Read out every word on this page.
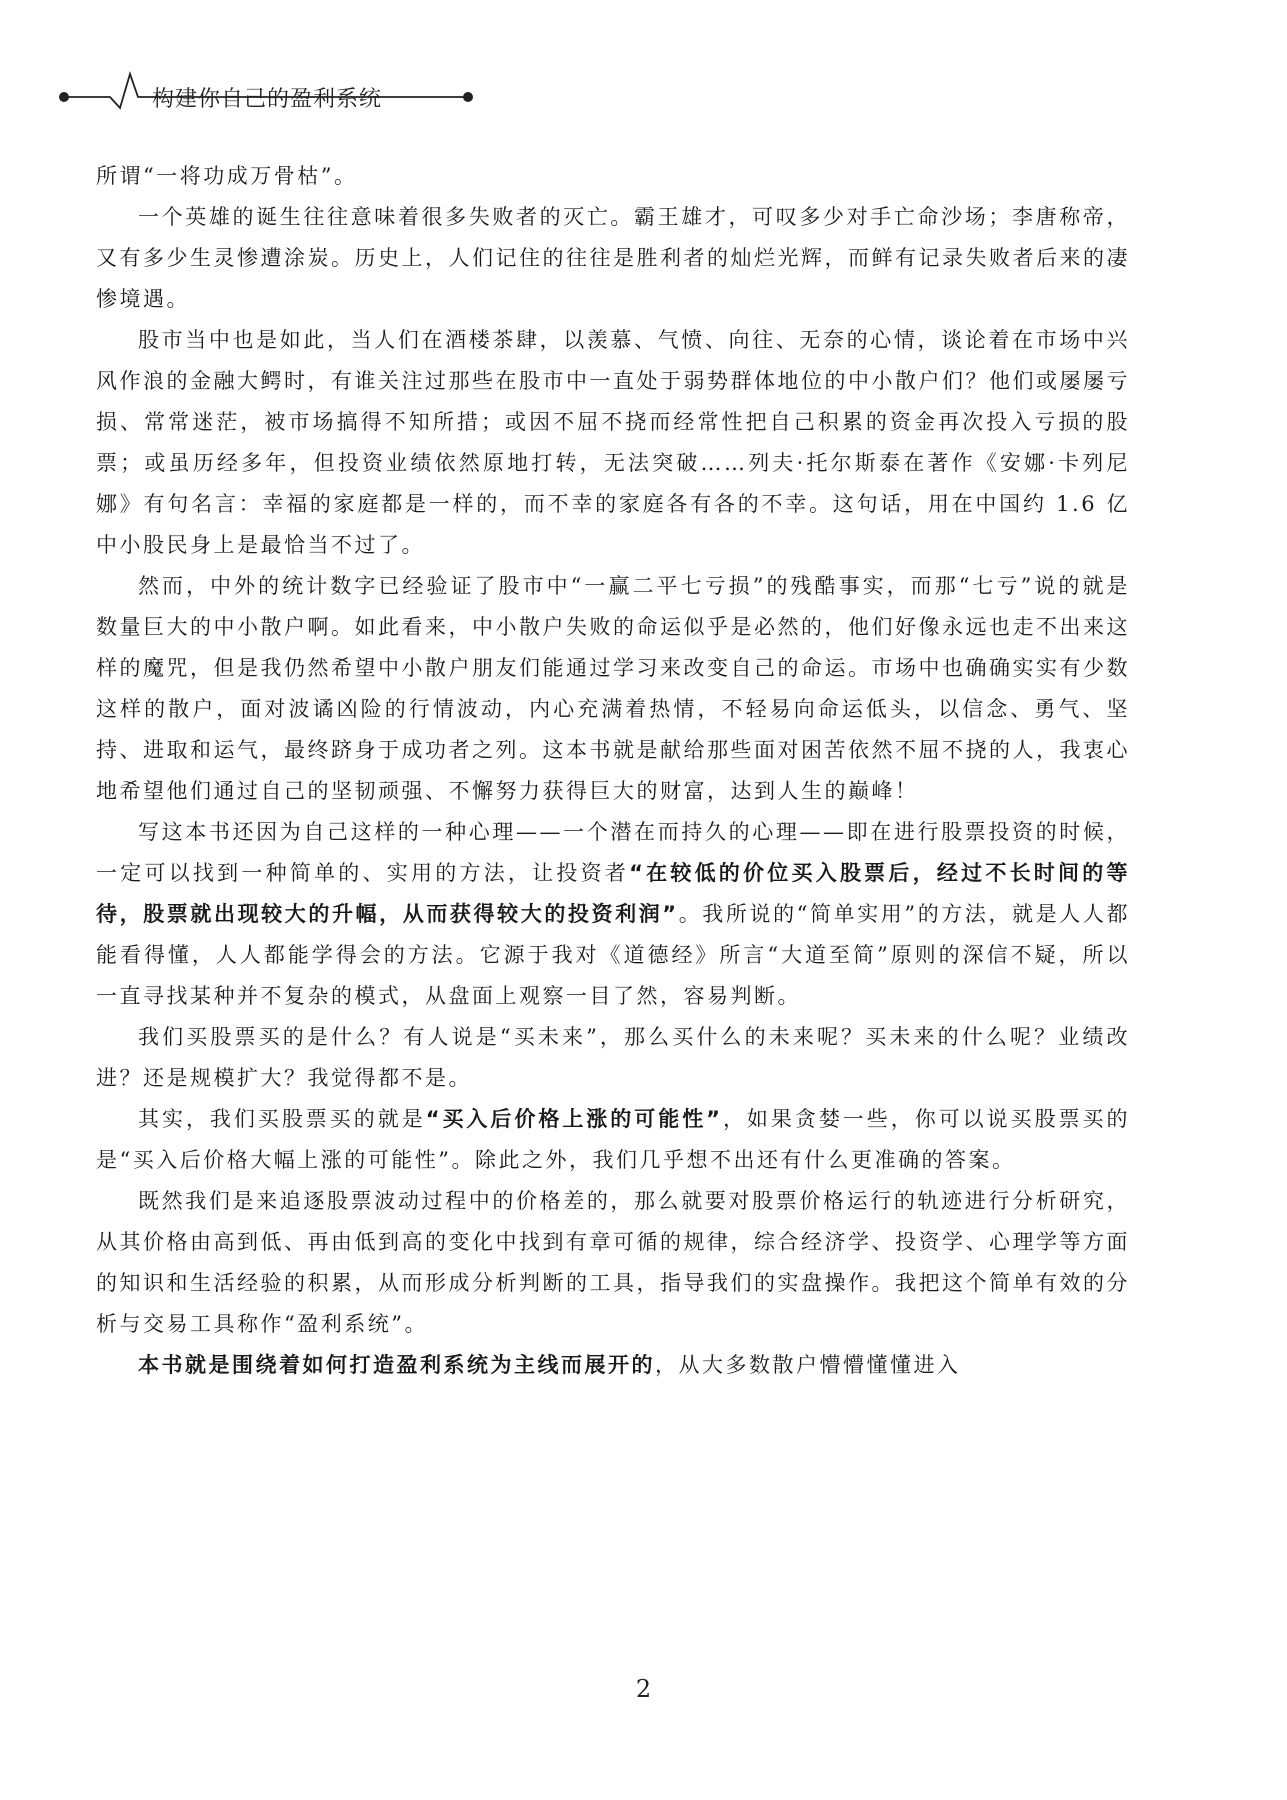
构建你自己的盈利系统

所谓“一将功成万骨枯”。

一个英雄的诞生往往意味着很多失败者的灭亡。霸王雄才，可叹多少对手亡命沙场；李唐称帝，又有多少生灵惨遭涂炭。历史上，人们记住的往往是胜利者的灿烂光辉，而鲜有记录失败者后来的凄惨境遇。

股市当中也是如此，当人们在酒楼茶肆，以羡慕、气愤、向往、无奈的心情，谈论着在市场中兴风作浪的金融大鳄时，有谁关注过那些在股市中一直处于弱势群体地位的中小散户们？他们或屡屡亏损、常常迷茫，被市场搞得不知所措；或因不屈不挠而经常性把自己积累的资金再次投入亏损的股票；或虽历经多年，但投资业绩依然原地打转，无法突破……列夫·托尔斯泰在著作《安娜·卡列尼娜》有句名言：幸福的家庭都是一样的，而不幸的家庭各有各的不幸。这句话，用在中国约 1.6 亿中小股民身上是最恰当不过了。

然而，中外的统计数字已经验证了股市中“一赢二平七亏损”的残酷事实，而那“七亏”说的就是数量巨大的中小散户啊。如此看来，中小散户失败的命运似乎是必然的，他们好像永远也走不出来这样的魔咒，但是我仍然希望中小散户朋友们能通过学习来改变自己的命运。市场中也确确实实有少数这样的散户，面对波谲凶险的行情波动，内心充满着热情，不轻易向命运低头，以信念、勇气、坚持、进取和运气，最终跻身于成功者之列。这本书就是献给那些面对困苦依然不屈不挠的人，我衷心地希望他们通过自己的坚韧顽强、不懈努力获得巨大的财富，达到人生的巅峰！

写这本书还因为自己这样的一种心理——一个潜在而持久的心理——即在进行股票投资的时候，一定可以找到一种简单的、实用的方法，让投资者“在较低的价位买入股票后，经过不长时间的等待，股票就出现较大的升幅，从而获得较大的投资利润”。我所说的“简单实用”的方法，就是人人都能看得懂，人人都能学得会的方法。它源于我对《道德经》所言“大道至简”原则的深信不疑，所以一直寻找某种并不复杂的模式，从盘面上观察一目了然，容易判断。

我们买股票买的是什么？有人说是“买未来”，那么买什么的未来呢？买未来的什么呢？业绩改进？还是规模扩大？我觉得都不是。

其实，我们买股票买的就是“买入后价格上涨的可能性”，如果贪婪一些，你可以说买股票买的是“买入后价格大幅上涨的可能性”。除此之外，我们几乎想不出还有什么更准确的答案。

既然我们是来追逐股票波动过程中的价格差的，那么就要对股票价格运行的轨迹进行分析研究，从其价格由高到低、再由低到高的变化中找到有章可循的规律，综合经济学、投资学、心理学等方面的知识和生活经验的积累，从而形成分析判断的工具，指导我们的实盘操作。我把这个简单有效的分析与交易工具称作“盈利系统”。

本书就是围绕着如何打造盈利系统为主线而展开的，从大多数散户懵懵懂懂进入

2
